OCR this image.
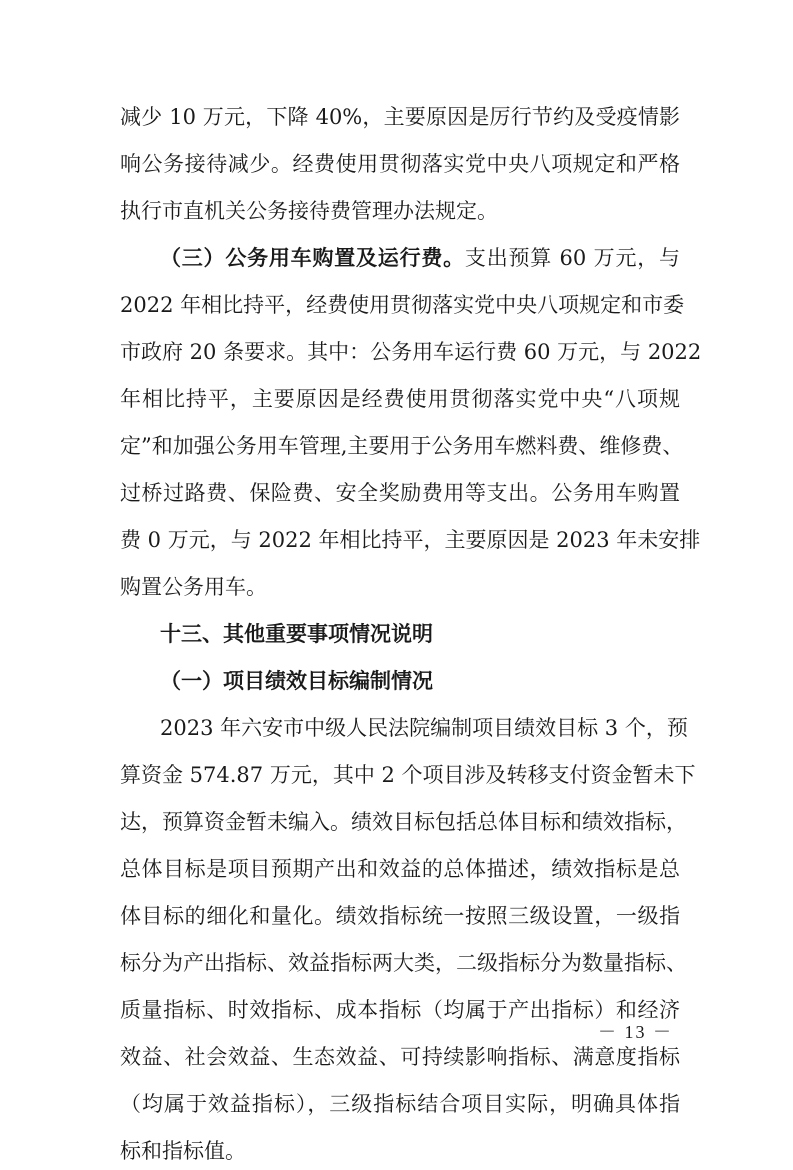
减少 10 万元，下降 40%，主要原因是厉行节约及受疫情影
响公务接待减少。经费使用贯彻落实党中央八项规定和严格
执行市直机关公务接待费管理办法规定。
（三）公务用车购置及运行费。支出预算 60 万元，与
2022 年相比持平，经费使用贯彻落实党中央八项规定和市委
市政府 20 条要求。其中：公务用车运行费 60 万元，与 2022
年相比持平，主要原因是经费使用贯彻落实党中央“八项规
定”和加强公务用车管理,主要用于公务用车燃料费、维修费、
过桥过路费、保险费、安全奖励费用等支出。公务用车购置
费 0 万元，与 2022 年相比持平，主要原因是 2023 年未安排
购置公务用车。
十三、其他重要事项情况说明
（一）项目绩效目标编制情况
2023 年六安市中级人民法院编制项目绩效目标 3 个，预
算资金 574.87 万元，其中 2 个项目涉及转移支付资金暂未下
达，预算资金暂未编入。绩效目标包括总体目标和绩效指标，
总体目标是项目预期产出和效益的总体描述，绩效指标是总
体目标的细化和量化。绩效指标统一按照三级设置，一级指
标分为产出指标、效益指标两大类，二级指标分为数量指标、
质量指标、时效指标、成本指标（均属于产出指标）和经济
效益、社会效益、生态效益、可持续影响指标、满意度指标
（均属于效益指标），三级指标结合项目实际，明确具体指
标和指标值。
－ 13 －
